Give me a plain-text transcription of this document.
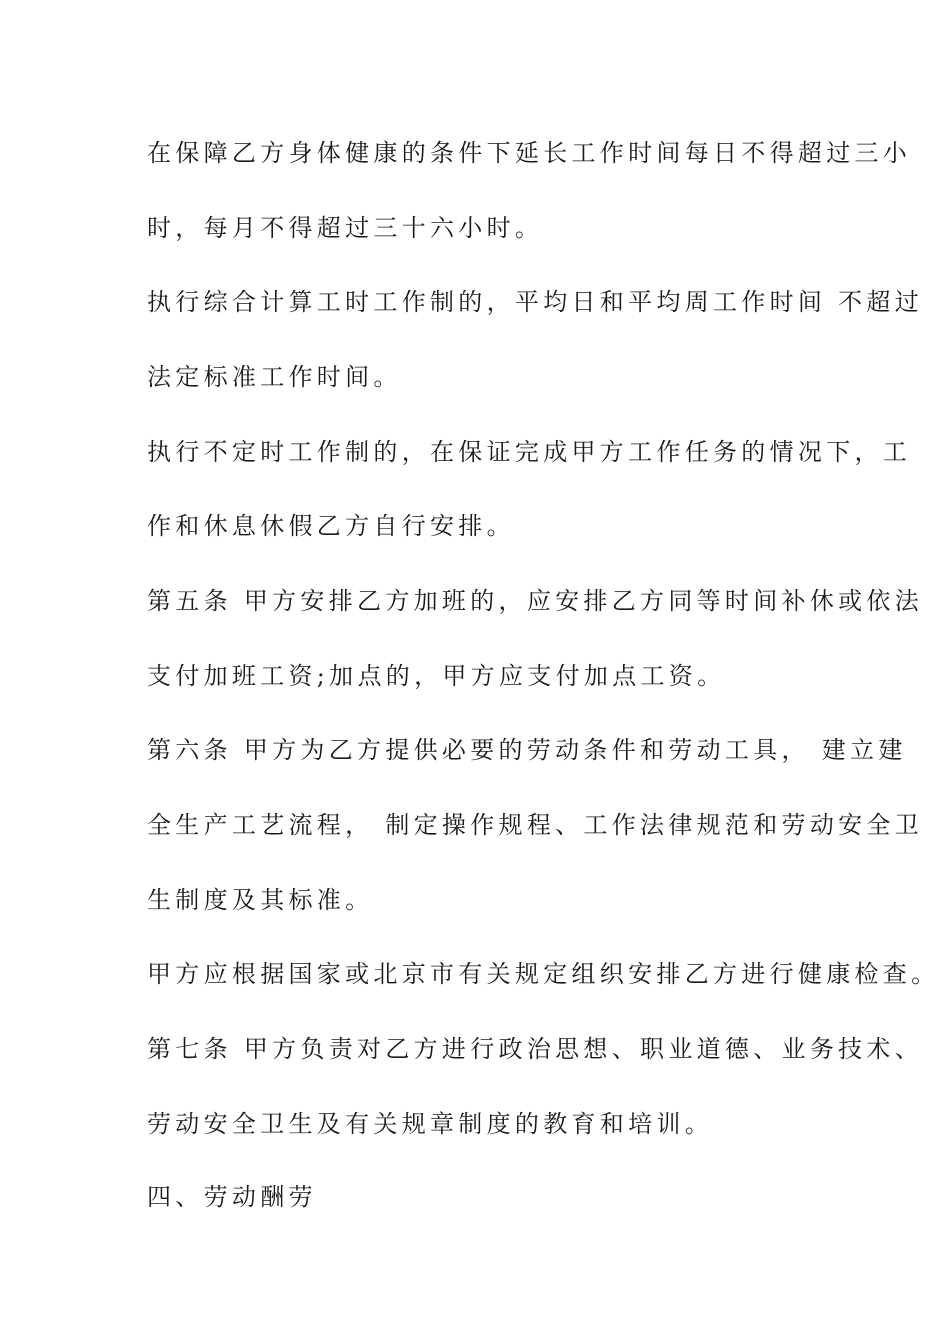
在保障乙方身体健康的条件下延长工作时间每日不得超过三小
时，每月不得超过三十六小时。
执行综合计算工时工作制的，平均日和平均周工作时间 不超过
法定标准工作时间。
执行不定时工作制的，在保证完成甲方工作任务的情况下，工
作和休息休假乙方自行安排。
第五条 甲方安排乙方加班的，应安排乙方同等时间补休或依法
支付加班工资;加点的，甲方应支付加点工资。
第六条 甲方为乙方提供必要的劳动条件和劳动工具， 建立建
全生产工艺流程， 制定操作规程、工作法律规范和劳动安全卫
生制度及其标准。
甲方应根据国家或北京市有关规定组织安排乙方进行健康检查。
第七条 甲方负责对乙方进行政治思想、职业道德、业务技术、
劳动安全卫生及有关规章制度的教育和培训。
四、劳动酬劳
